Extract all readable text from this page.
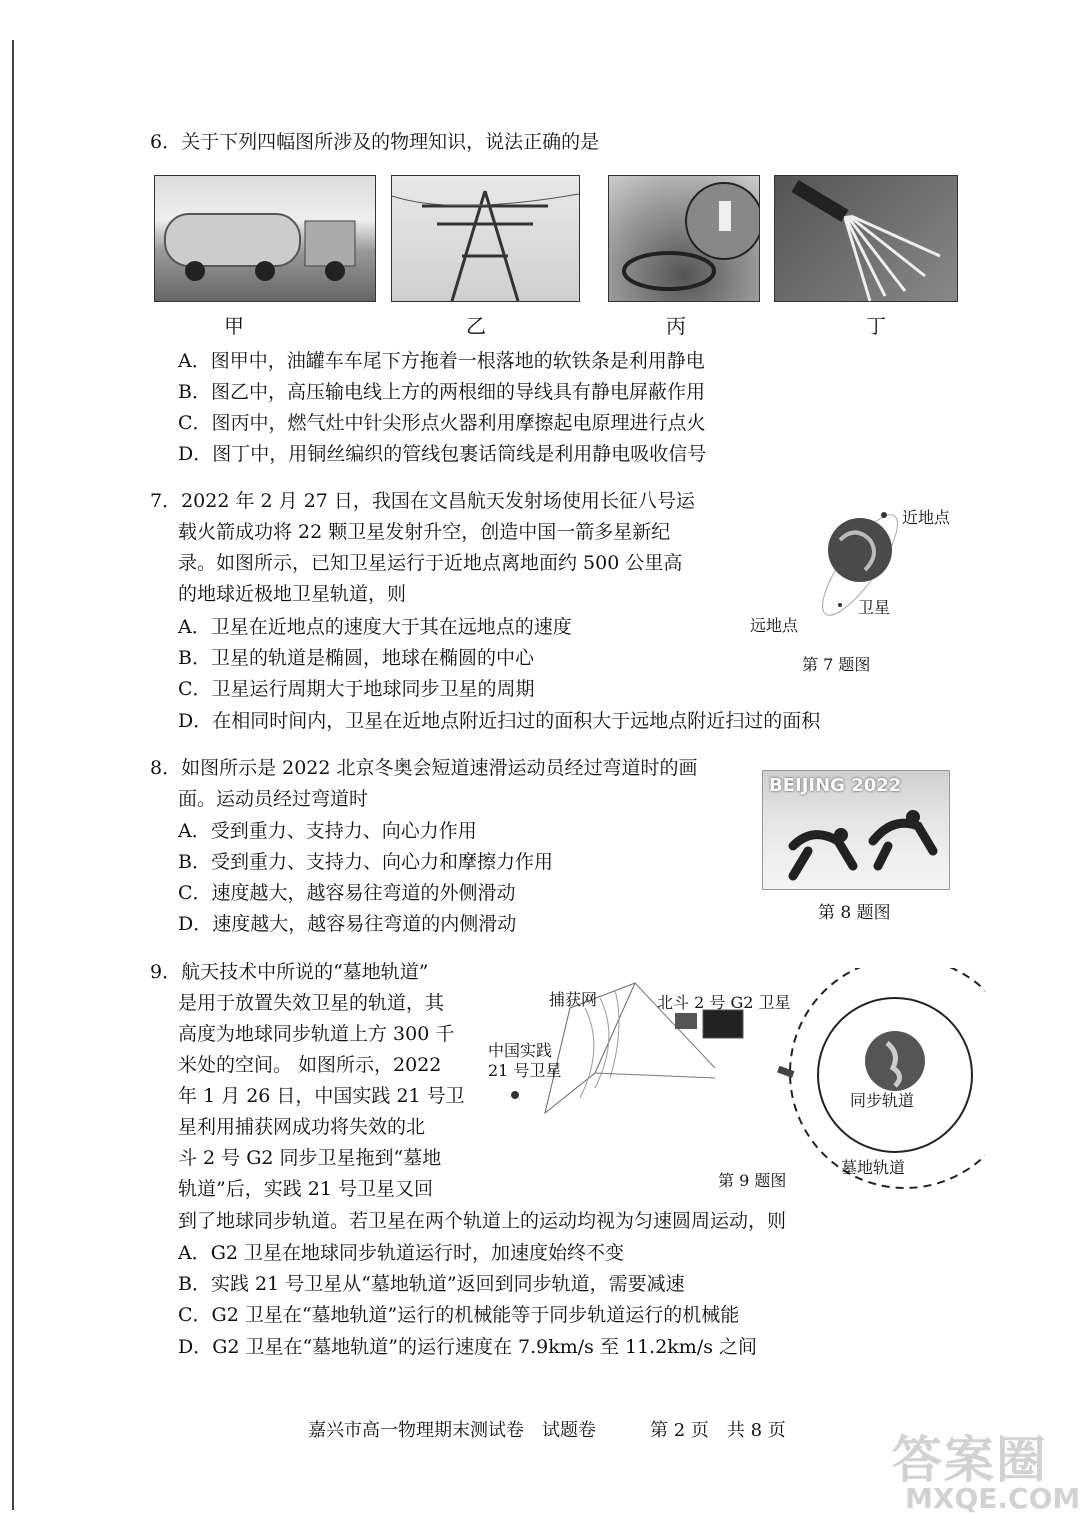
6．关于下列四幅图所涉及的物理知识，说法正确的是
甲	乙	丙	丁
A．图甲中，油罐车车尾下方拖着一根落地的软铁条是利用静电
B．图乙中，高压输电线上方的两根细的导线具有静电屏蔽作用
C．图丙中，燃气灶中针尖形点火器利用摩擦起电原理进行点火
D．图丁中，用铜丝编织的管线包裹话筒线是利用静电吸收信号
7．2022 年 2 月 27 日，我国在文昌航天发射场使用长征八号运
载火箭成功将 22 颗卫星发射升空，创造中国一箭多星新纪
录。如图所示，已知卫星运行于近地点离地面约 500 公里高
的地球近极地卫星轨道，则
A．卫星在近地点的速度大于其在远地点的速度
B．卫星的轨道是椭圆，地球在椭圆的中心
C．卫星运行周期大于地球同步卫星的周期
D．在相同时间内，卫星在近地点附近扫过的面积大于远地点附近扫过的面积
近地点
卫星
远地点
第 7 题图
8．如图所示是 2022 北京冬奥会短道速滑运动员经过弯道时的画
面。运动员经过弯道时
A．受到重力、支持力、向心力作用
B．受到重力、支持力、向心力和摩擦力作用
C．速度越大，越容易往弯道的外侧滑动
D．速度越大，越容易往弯道的内侧滑动
BEIJING 2022
第 8 题图
9．航天技术中所说的“墓地轨道”
是用于放置失效卫星的轨道，其
高度为地球同步轨道上方 300 千
米处的空间。 如图所示，2022
年 1 月 26 日，中国实践 21 号卫
星利用捕获网成功将失效的北
斗 2 号 G2 同步卫星拖到“墓地
轨道”后，实践 21 号卫星又回
到了地球同步轨道。若卫星在两个轨道上的运动均视为匀速圆周运动，则
A．G2 卫星在地球同步轨道运行时，加速度始终不变
B．实践 21 号卫星从“墓地轨道”返回到同步轨道，需要减速
C．G2 卫星在“墓地轨道”运行的机械能等于同步轨道运行的机械能
D．G2 卫星在“墓地轨道”的运行速度在 7.9km/s 至 11.2km/s 之间
捕获网	北斗 2 号 G2 卫星
中国实践
21 号卫星
同步轨道
墓地轨道
第 9 题图
嘉兴市高一物理期末测试卷　试题卷　　　第 2 页　共 8 页
答案圈
MXQE.COM
